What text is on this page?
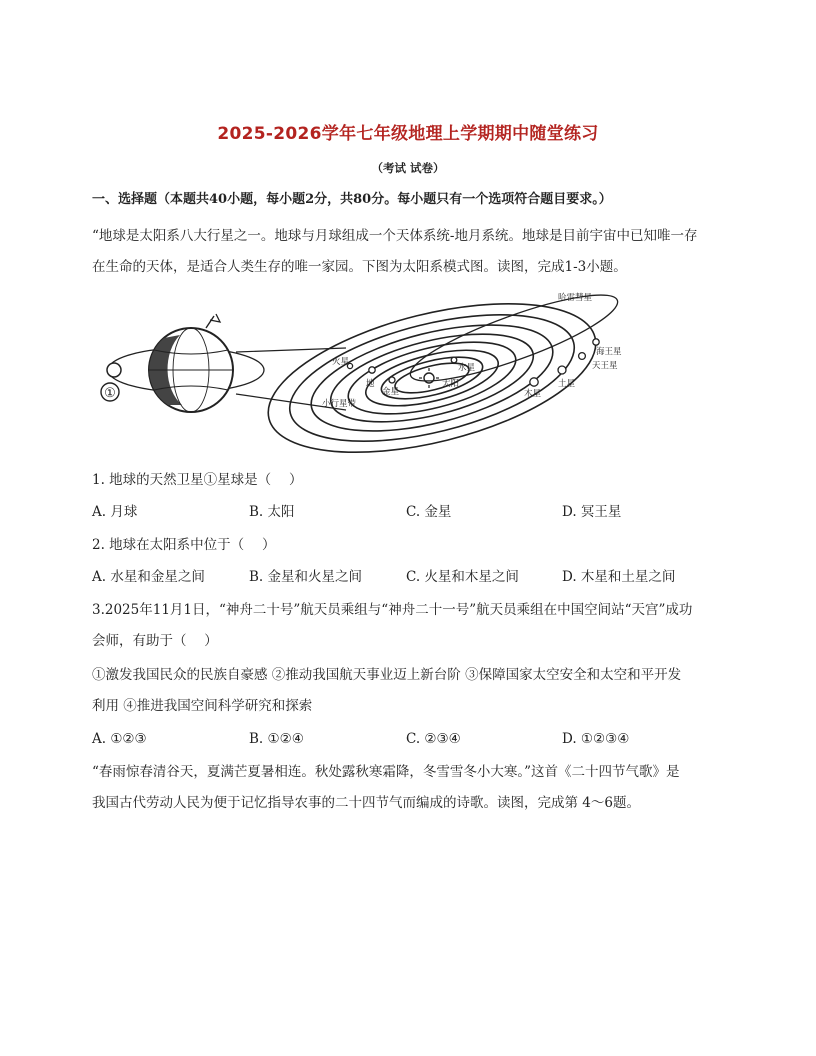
2025-2026学年七年级地理上学期期中随堂练习
（考试 试卷）
一、选择题（本题共40小题，每小题2分，共80分。每小题只有一个选项符合题目要求。）
“地球是太阳系八大行星之一。地球与月球组成一个天体系统-地月系统。地球是目前宇宙中已知唯一存
在生命的天体，是适合人类生存的唯一家园。下图为太阳系模式图。读图，完成1-3小题。
①
太阳
水星
金星
地
火星
木星
土星
天王星
海王星
哈雷彗星
小行星带
1. 地球的天然卫星①星球是（　 ）
A. 月球	B. 太阳	C. 金星	D. 冥王星
2. 地球在太阳系中位于（　 ）
A. 水星和金星之间	B. 金星和火星之间	C. 火星和木星之间	D. 木星和土星之间
3.2025年11月1日，“神舟二十号”航天员乘组与“神舟二十一号”航天员乘组在中国空间站“天宫”成功
会师，有助于（　 ）
①激发我国民众的民族自豪感 ②推动我国航天事业迈上新台阶 ③保障国家太空安全和太空和平开发
利用 ④推进我国空间科学研究和探索
A. ①②③	B. ①②④	C. ②③④	D. ①②③④
“春雨惊春清谷天，夏满芒夏暑相连。秋处露秋寒霜降，冬雪雪冬小大寒。”这首《二十四节气歌》是
我国古代劳动人民为便于记忆指导农事的二十四节气而编成的诗歌。读图，完成第 4～6题。
